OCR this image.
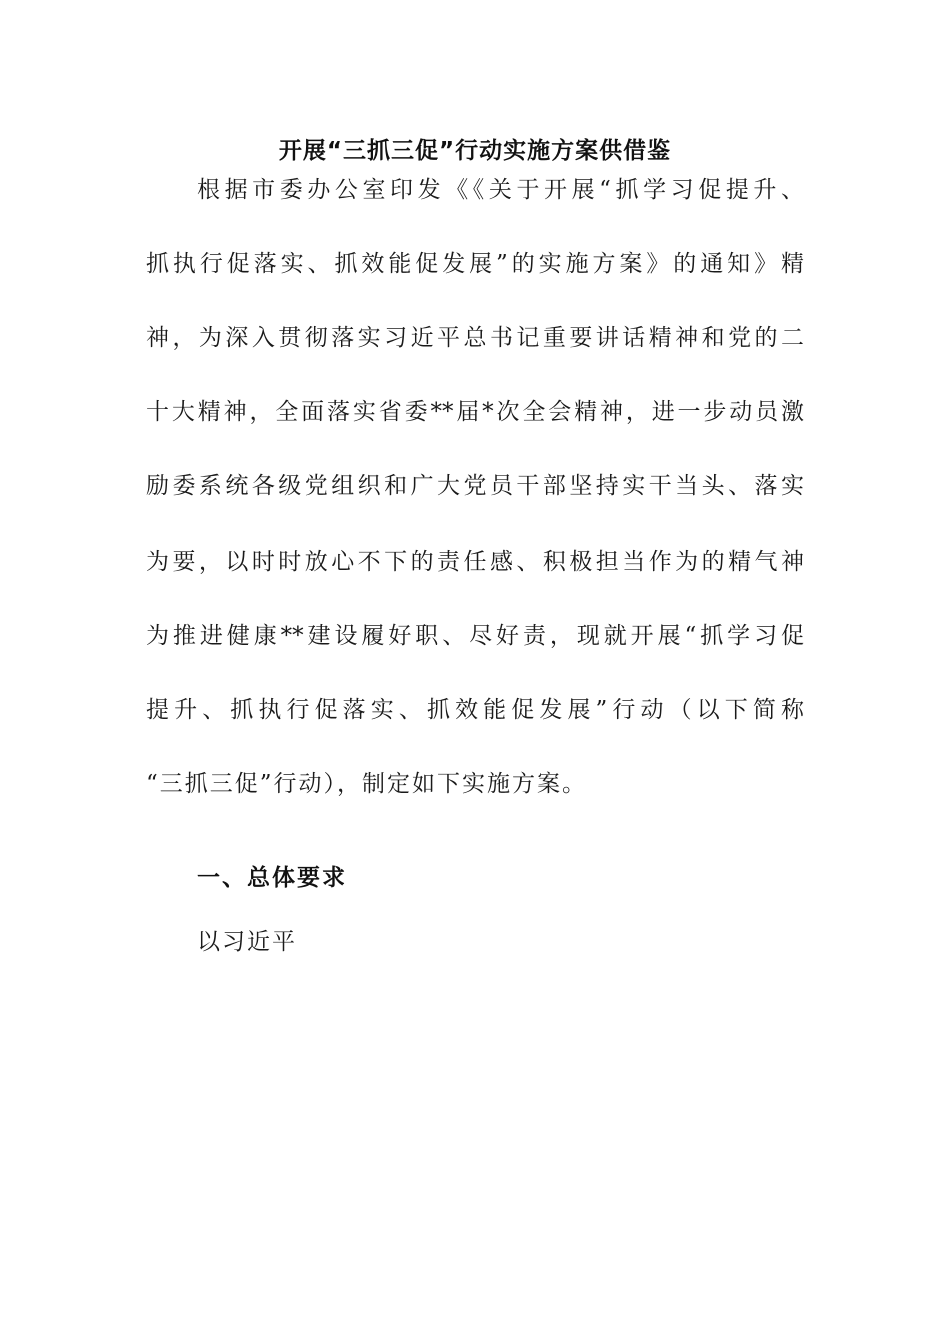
开展“三抓三促”行动实施方案供借鉴
根据市委办公室印发《《关于开展“抓学习促提升、
抓执行促落实、抓效能促发展”的实施方案》的通知》精
神，为深入贯彻落实习近平总书记重要讲话精神和党的二
十大精神，全面落实省委**届*次全会精神，进一步动员激
励委系统各级党组织和广大党员干部坚持实干当头、落实
为要，以时时放心不下的责任感、积极担当作为的精气神
为推进健康**建设履好职、尽好责，现就开展“抓学习促
提升、抓执行促落实、抓效能促发展”行动（以下简称
“三抓三促”行动），制定如下实施方案。
一、总体要求
以习近平
